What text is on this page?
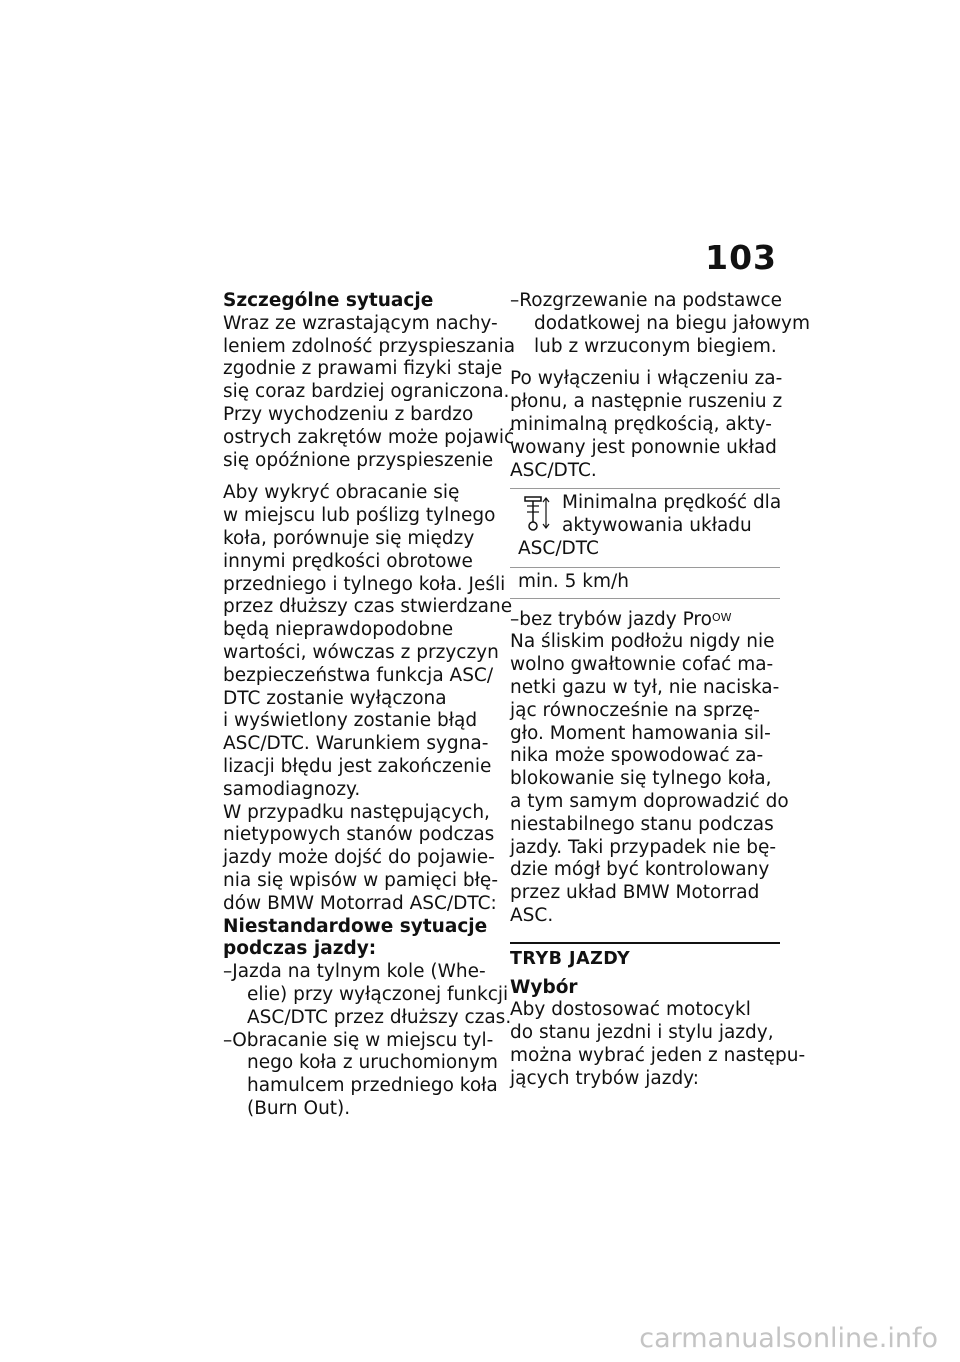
103
Szczególne sytuacje
Wraz ze wzrastającym nachy-
leniem zdolność przyspieszania
zgodnie z prawami fizyki staje
się coraz bardziej ograniczona.
Przy wychodzeniu z bardzo
ostrych zakrętów może pojawić
się opóźnione przyspieszenie
Aby wykryć obracanie się
w miejscu lub poślizg tylnego
koła, porównuje się między
innymi prędkości obrotowe
przedniego i tylnego koła. Jeśli
przez dłuższy czas stwierdzane
będą nieprawdopodobne
wartości, wówczas z przyczyn
bezpieczeństwa funkcja ASC/
DTC zostanie wyłączona
i wyświetlony zostanie błąd
ASC/DTC. Warunkiem sygna-
lizacji błędu jest zakończenie
samodiagnozy.
W przypadku następujących,
nietypowych stanów podczas
jazdy może dojść do pojawie-
nia się wpisów w pamięci błę-
dów BMW Motorrad ASC/DTC:
Niestandardowe sytuacje
podczas jazdy:
–Jazda na tylnym kole (Whe-
elie) przy wyłączonej funkcji
ASC/DTC przez dłuższy czas.
–Obracanie się w miejscu tyl-
nego koła z uruchomionym
hamulcem przedniego koła
(Burn Out).
–Rozgrzewanie na podstawce
dodatkowej na biegu jałowym
lub z wrzuconym biegiem.
Po wyłączeniu i włączeniu za-
płonu, a następnie ruszeniu z
minimalną prędkością, akty-
wowany jest ponownie układ
ASC/DTC.
Minimalna prędkość dla
aktywowania układu
ASC/DTC
min. 5 km/h
–bez trybów jazdy Pro$^{OW}$
Na śliskim podłożu nigdy nie
wolno gwałtownie cofać ma-
netki gazu w tył, nie naciska-
jąc równocześnie na sprzę-
gło. Moment hamowania sil-
nika może spowodować za-
blokowanie się tylnego koła,
a tym samym doprowadzić do
niestabilnego stanu podczas
jazdy. Taki przypadek nie bę-
dzie mógł być kontrolowany
przez układ BMW Motorrad
ASC.
TRYB JAZDY
Wybór
Aby dostosować motocykl
do stanu jezdni i stylu jazdy,
można wybrać jeden z następu-
jących trybów jazdy:
carmanualsonline.info
